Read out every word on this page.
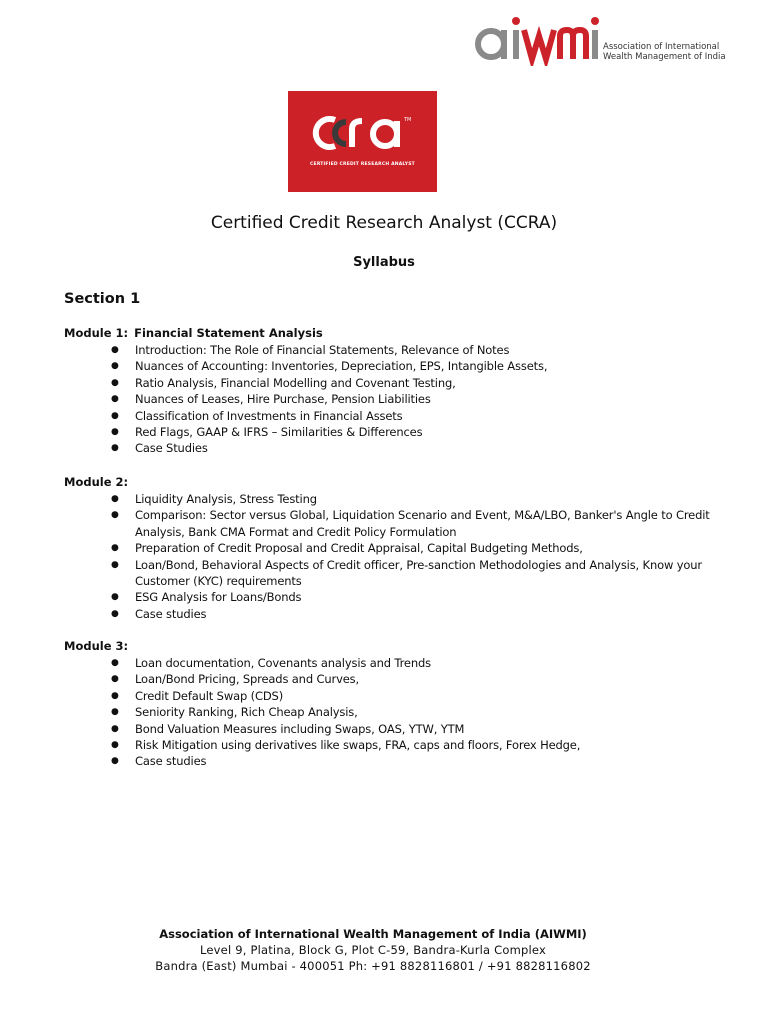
Association of International
Wealth Management of India
TM
CERTIFIED CREDIT RESEARCH ANALYST
Certified Credit Research Analyst (CCRA)
Syllabus
Section 1
Module 1: Financial Statement Analysis
● Introduction: The Role of Financial Statements, Relevance of Notes
● Nuances of Accounting: Inventories, Depreciation, EPS, Intangible Assets,
● Ratio Analysis, Financial Modelling and Covenant Testing,
● Nuances of Leases, Hire Purchase, Pension Liabilities
● Classification of Investments in Financial Assets
● Red Flags, GAAP & IFRS – Similarities & Differences
● Case Studies
Module 2:
● Liquidity Analysis, Stress Testing
● Comparison: Sector versus Global, Liquidation Scenario and Event, M&A/LBO, Banker's Angle to Credit Analysis, Bank CMA Format and Credit Policy Formulation
● Preparation of Credit Proposal and Credit Appraisal, Capital Budgeting Methods,
● Loan/Bond, Behavioral Aspects of Credit officer, Pre-sanction Methodologies and Analysis, Know your Customer (KYC) requirements
● ESG Analysis for Loans/Bonds
● Case studies
Module 3:
● Loan documentation, Covenants analysis and Trends
● Loan/Bond Pricing, Spreads and Curves,
● Credit Default Swap (CDS)
● Seniority Ranking, Rich Cheap Analysis,
● Bond Valuation Measures including Swaps, OAS, YTW, YTM
● Risk Mitigation using derivatives like swaps, FRA, caps and floors, Forex Hedge,
● Case studies
Association of International Wealth Management of India (AIWMI)
Level 9, Platina, Block G, Plot C-59, Bandra-Kurla Complex
Bandra (East) Mumbai - 400051 Ph: +91 8828116801 / +91 8828116802
